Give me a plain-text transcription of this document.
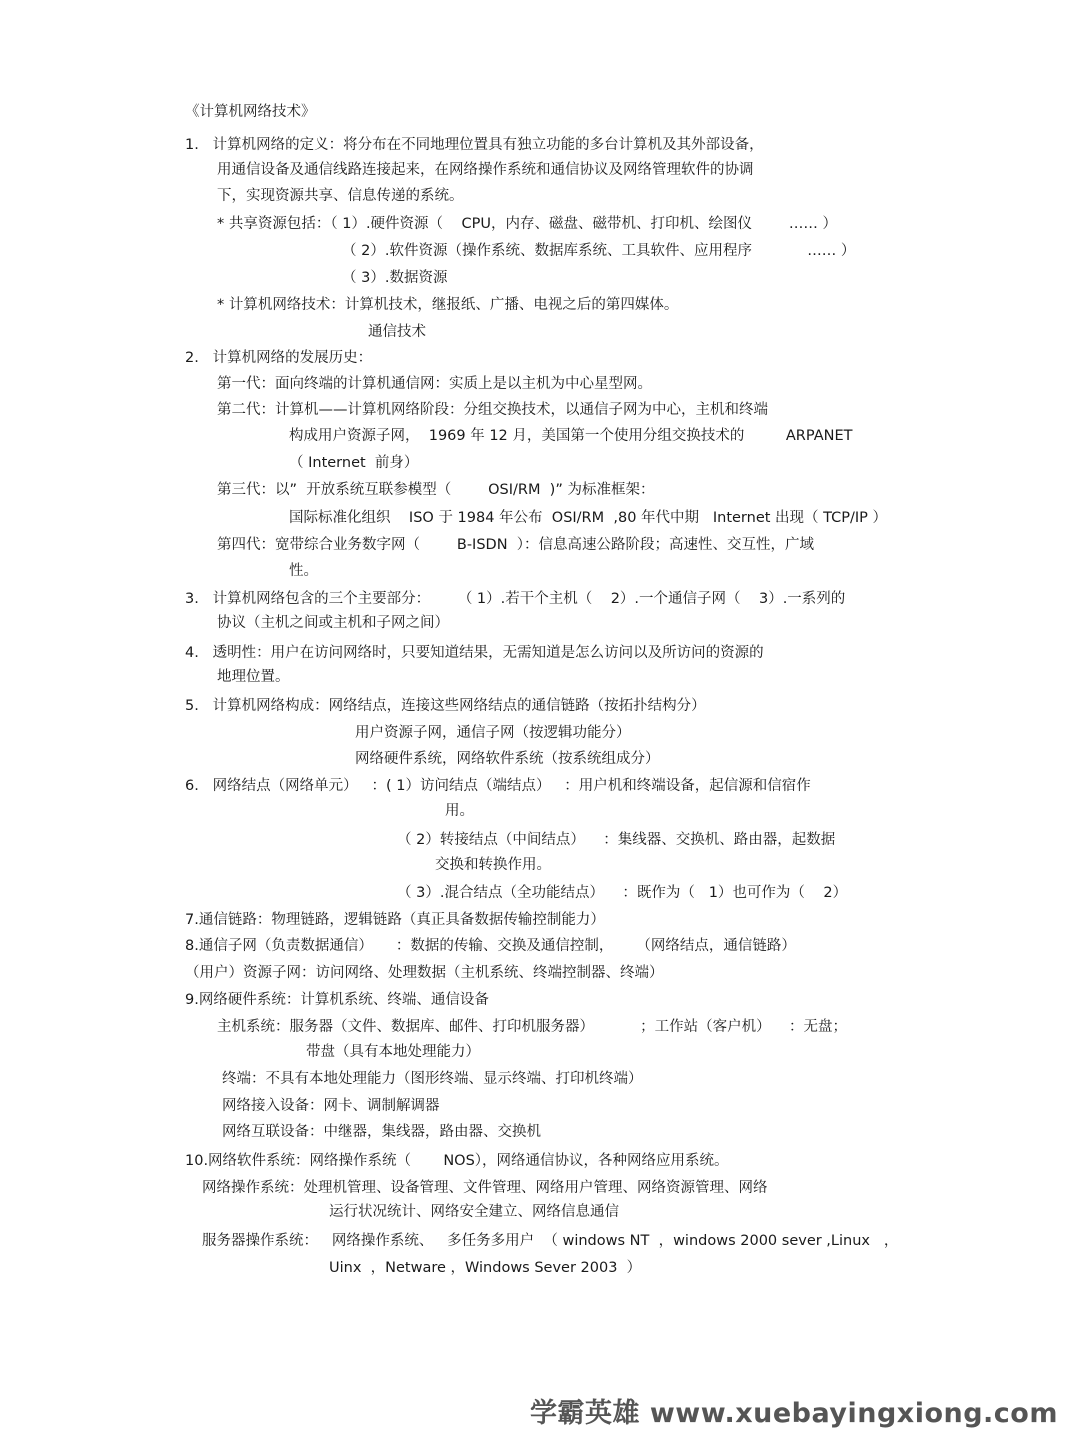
《计算机网络技术》
1.   计算机网络的定义：将分布在不同地理位置具有独立功能的多台计算机及其外部设备，
用通信设备及通信线路连接起来，在网络操作系统和通信协议及网络管理软件的协调
下，实现资源共享、信息传递的系统。
* 共享资源包括：（ 1）.硬件资源（    CPU，内存、磁盘、磁带机、打印机、绘图仪        …… ）
（ 2）.软件资源（操作系统、数据库系统、工具软件、应用程序            …… ）
（ 3）.数据资源
* 计算机网络技术：计算机技术，继报纸、广播、电视之后的第四媒体。
通信技术
2.   计算机网络的发展历史：
第一代：面向终端的计算机通信网：实质上是以主机为中心星型网。
第二代：计算机——计算机网络阶段：分组交换技术，以通信子网为中心，主机和终端
构成用户资源子网，  1969 年 12 月，美国第一个使用分组交换技术的         ARPANET
（ Internet  前身）
第三代：以”  开放系统互联参模型（        OSI/RM  )” 为标准框架：
国际标准化组织    ISO 于 1984 年公布  OSI/RM  ,80 年代中期   Internet 出现（ TCP/IP ）
第四代：宽带综合业务数字网（        B-ISDN  ）：信息高速公路阶段；高速性、交互性，广域
性。
3.   计算机网络包含的三个主要部分：      （ 1）.若干个主机（    2）.一个通信子网（    3）.一系列的
协议（主机之间或主机和子网之间）
4.   透明性：用户在访问网络时，只要知道结果，无需知道是怎么访问以及所访问的资源的
地理位置。
5.   计算机网络构成：网络结点，连接这些网络结点的通信链路（按拓扑结构分）
用户资源子网，通信子网（按逻辑功能分）
网络硬件系统，网络软件系统（按系统组成分）
6.   网络结点（网络单元）   ：( 1）访问结点（端结点）   ：用户机和终端设备，起信源和信宿作
用。
（ 2）转接结点（中间结点）    ：集线器、交换机、路由器，起数据
交换和转换作用。
（ 3）.混合结点（全功能结点）    ：既作为（   1）也可作为（    2）
7.通信链路：物理链路，逻辑链路（真正具备数据传输控制能力）
8.通信子网（负责数据通信）     ：数据的传输、交换及通信控制，     （网络结点，通信链路）
（用户）资源子网：访问网络、处理数据（主机系统、终端控制器、终端）
9.网络硬件系统：计算机系统、终端、通信设备
主机系统：服务器（文件、数据库、邮件、打印机服务器）          ；工作站（客户机）    ：无盘；
带盘（具有本地处理能力）
终端：不具有本地处理能力（图形终端、显示终端、打印机终端）
网络接入设备：网卡、调制解调器
网络互联设备：中继器，集线器，路由器、交换机
10.网络软件系统：网络操作系统（       NOS），网络通信协议，各种网络应用系统。
网络操作系统：处理机管理、设备管理、文件管理、网络用户管理、网络资源管理、网络
运行状况统计、网络安全建立、网络信息通信
服务器操作系统：   网络操作系统、   多任务多用户  （ windows NT  ，windows 2000 sever ,Linux   ，
Uinx  ，Netware ，Windows Sever 2003  ）
学霸英雄 www.xuebayingxiong.com
